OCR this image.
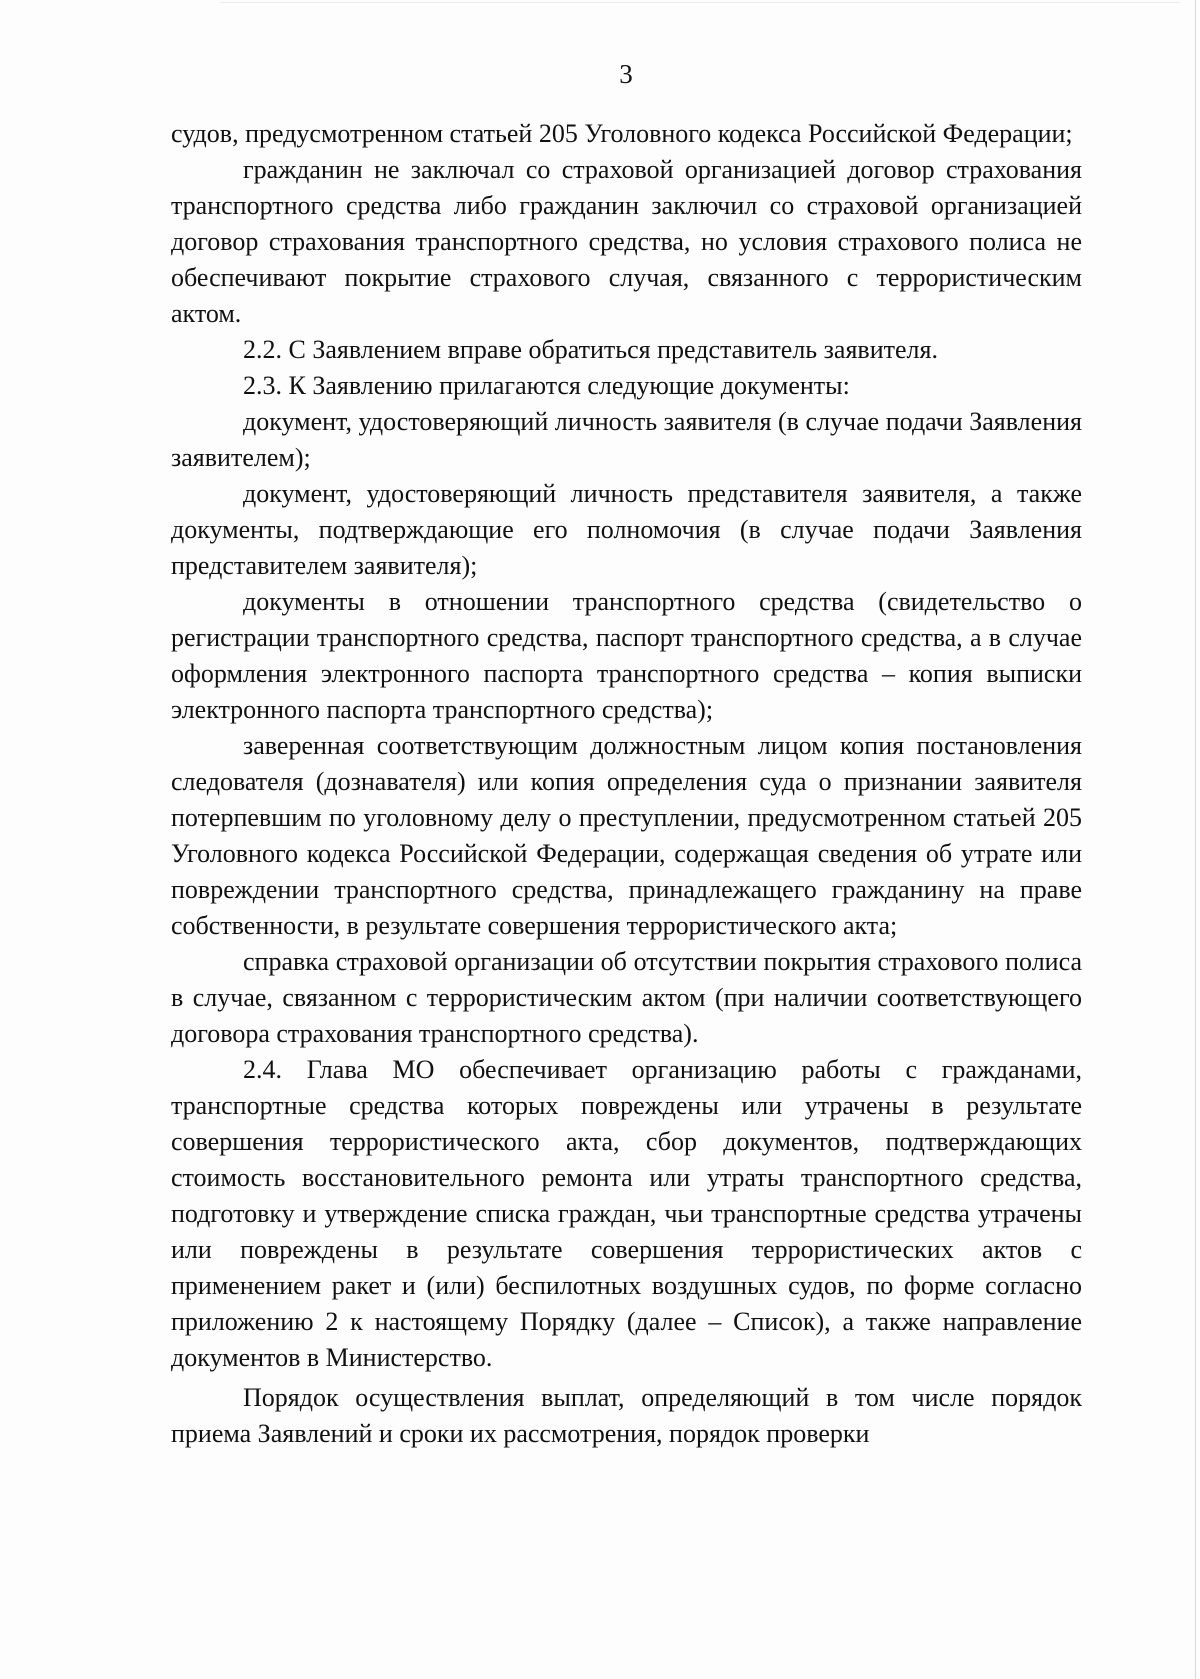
3

судов, предусмотренном статьей 205 Уголовного кодекса Российской Федерации;

гражданин не заключал со страховой организацией договор страхования транспортного средства либо гражданин заключил со страховой организацией договор страхования транспортного средства, но условия страхового полиса не обеспечивают покрытие страхового случая, связанного с террористическим актом.

2.2. С Заявлением вправе обратиться представитель заявителя.

2.3. К Заявлению прилагаются следующие документы:

документ, удостоверяющий личность заявителя (в случае подачи Заявления заявителем);

документ, удостоверяющий личность представителя заявителя, а также документы, подтверждающие его полномочия (в случае подачи Заявления представителем заявителя);

документы в отношении транспортного средства (свидетельство о регистрации транспортного средства, паспорт транспортного средства, а в случае оформления электронного паспорта транспортного средства – копия выписки электронного паспорта транспортного средства);

заверенная соответствующим должностным лицом копия постановления следователя (дознавателя) или копия определения суда о признании заявителя потерпевшим по уголовному делу о преступлении, предусмотренном статьей 205 Уголовного кодекса Российской Федерации, содержащая сведения об утрате или повреждении транспортного средства, принадлежащего гражданину на праве собственности, в результате совершения террористического акта;

справка страховой организации об отсутствии покрытия страхового полиса в случае, связанном с террористическим актом (при наличии соответствующего договора страхования транспортного средства).

2.4. Глава МО обеспечивает организацию работы с гражданами, транспортные средства которых повреждены или утрачены в результате совершения террористического акта, сбор документов, подтверждающих стоимость восстановительного ремонта или утраты транспортного средства, подготовку и утверждение списка граждан, чьи транспортные средства утрачены или повреждены в результате совершения террористических актов с применением ракет и (или) беспилотных воздушных судов, по форме согласно приложению 2 к настоящему Порядку (далее – Список), а также направление документов в Министерство.

Порядок осуществления выплат, определяющий в том числе порядок приема Заявлений и сроки их рассмотрения, порядок проверки
